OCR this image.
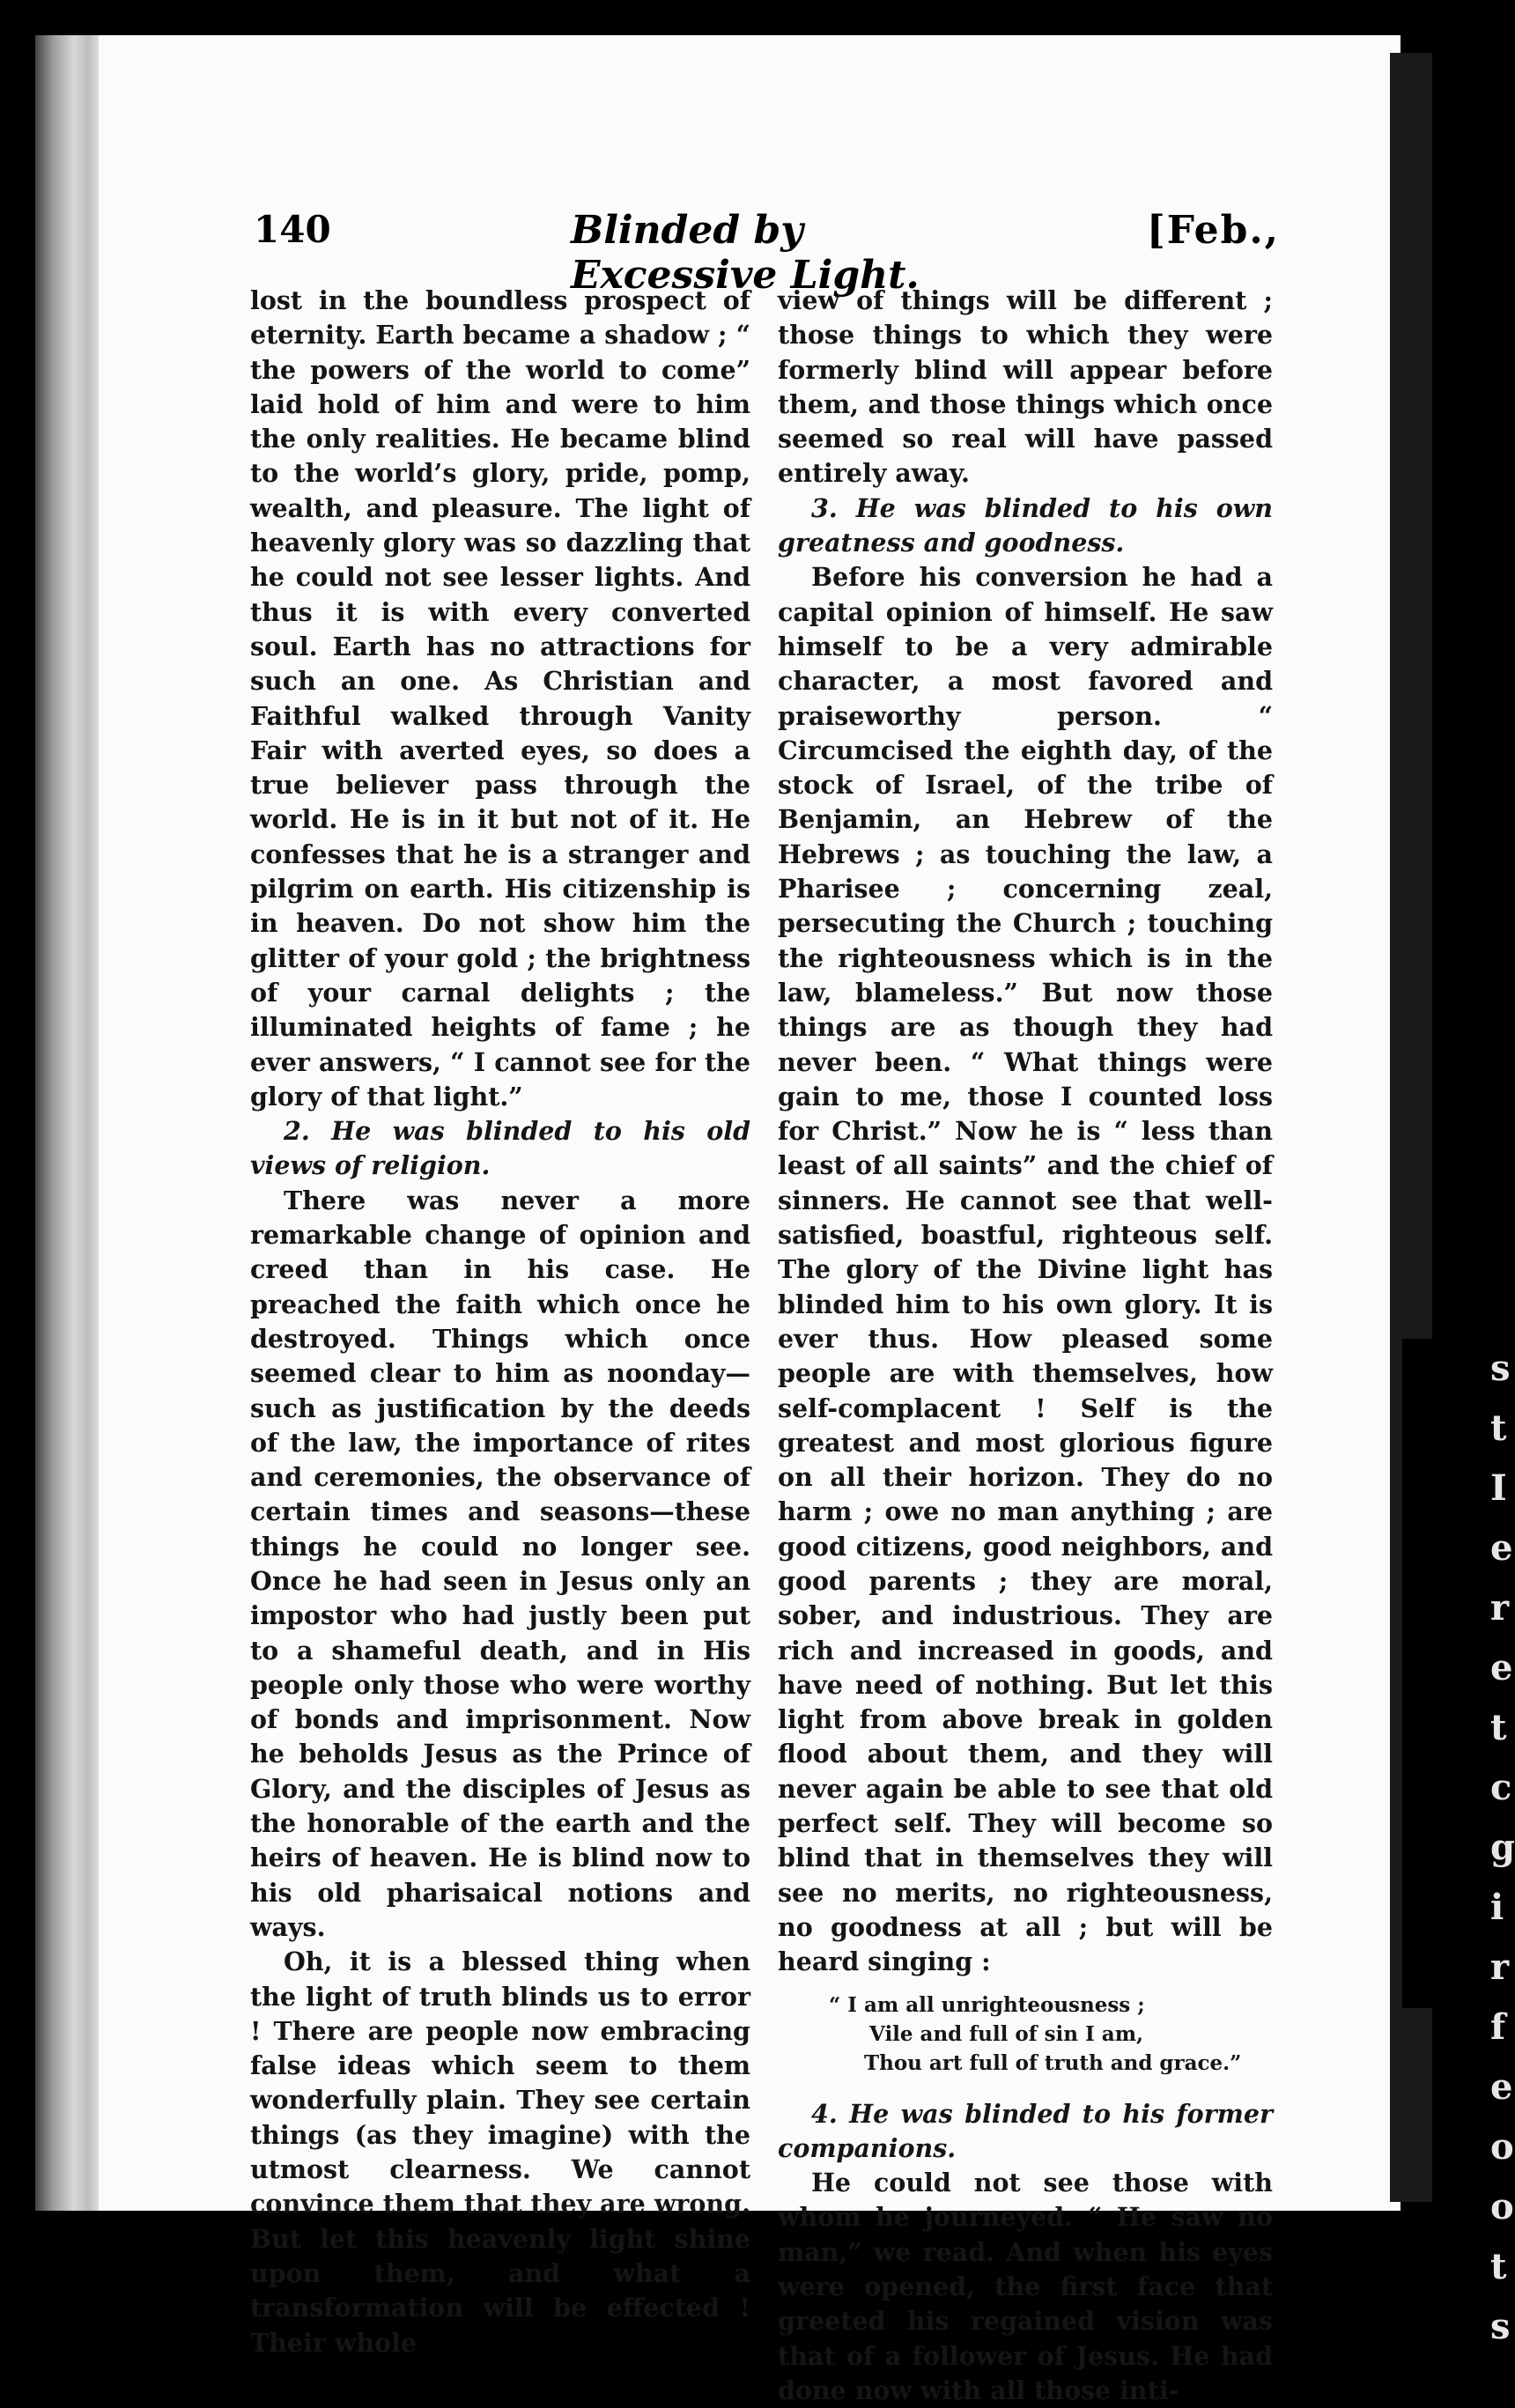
s
t
I
e
r
e
t
c
g
i
r
f
e
o
o
t
s
140	Blinded by Excessive Light.
[Feb.,

lost in the boundless prospect of eternity. Earth became a shadow ; “ the powers of the world to come” laid hold of him and were to him the only realities. He became blind to the world’s glory, pride, pomp, wealth, and pleasure. The light of heavenly glory was so dazzling that he could not see lesser lights. And thus it is with every converted soul. Earth has no attractions for such an one. As Christian and Faithful walked through Vanity Fair with averted eyes, so does a true believer pass through the world. He is in it but not of it. He confesses that he is a stranger and pilgrim on earth. His citizenship is in heaven. Do not show him the glitter of your gold ; the brightness of your carnal delights ; the illuminated heights of fame ; he ever answers, “ I cannot see for the glory of that light.”

2. He was blinded to his old views of religion.

There was never a more remarkable change of opinion and creed than in his case. He preached the faith which once he destroyed. Things which once seemed clear to him as noonday—such as justification by the deeds of the law, the importance of rites and ceremonies, the observance of certain times and seasons—these things he could no longer see. Once he had seen in Jesus only an impostor who had justly been put to a shameful death, and in His people only those who were worthy of bonds and imprisonment. Now he beholds Jesus as the Prince of Glory, and the disciples of Jesus as the honorable of the earth and the heirs of heaven. He is blind now to his old pharisaical notions and ways.

Oh, it is a blessed thing when the light of truth blinds us to error ! There are people now embracing false ideas which seem to them wonderfully plain. They see certain things (as they imagine) with the utmost clearness. We cannot convince them that they are wrong. But let this heavenly light shine upon them, and what a transformation will be effected ! Their whole

view of things will be different ; those things to which they were formerly blind will appear before them, and those things which once seemed so real will have passed entirely away.

3. He was blinded to his own greatness and goodness.

Before his conversion he had a capital opinion of himself. He saw himself to be a very admirable character, a most favored and praiseworthy person. “ Circumcised the eighth day, of the stock of Israel, of the tribe of Benjamin, an Hebrew of the Hebrews ; as touching the law, a Pharisee ; concerning zeal, persecuting the Church ; touching the righteousness which is in the law, blameless.” But now those things are as though they had never been. “ What things were gain to me, those I counted loss for Christ.” Now he is “ less than least of all saints” and the chief of sinners. He cannot see that well-satisfied, boastful, righteous self. The glory of the Divine light has blinded him to his own glory. It is ever thus. How pleased some people are with themselves, how self-complacent ! Self is the greatest and most glorious figure on all their horizon. They do no harm ; owe no man anything ; are good citizens, good neighbors, and good parents ; they are moral, sober, and industrious. They are rich and increased in goods, and have need of nothing. But let this light from above break in golden flood about them, and they will never again be able to see that old perfect self. They will become so blind that in themselves they will see no merits, no righteousness, no goodness at all ; but will be heard singing :

“ I am all unrighteousness ;
Vile and full of sin I am,
Thou art full of truth and grace.”

4. He was blinded to his former companions.

He could not see those with whom he journeyed. “ He saw no man,” we read. And when his eyes were opened, the first face that greeted his regained vision was that of a follower of Jesus. He had done now with all those inti-
